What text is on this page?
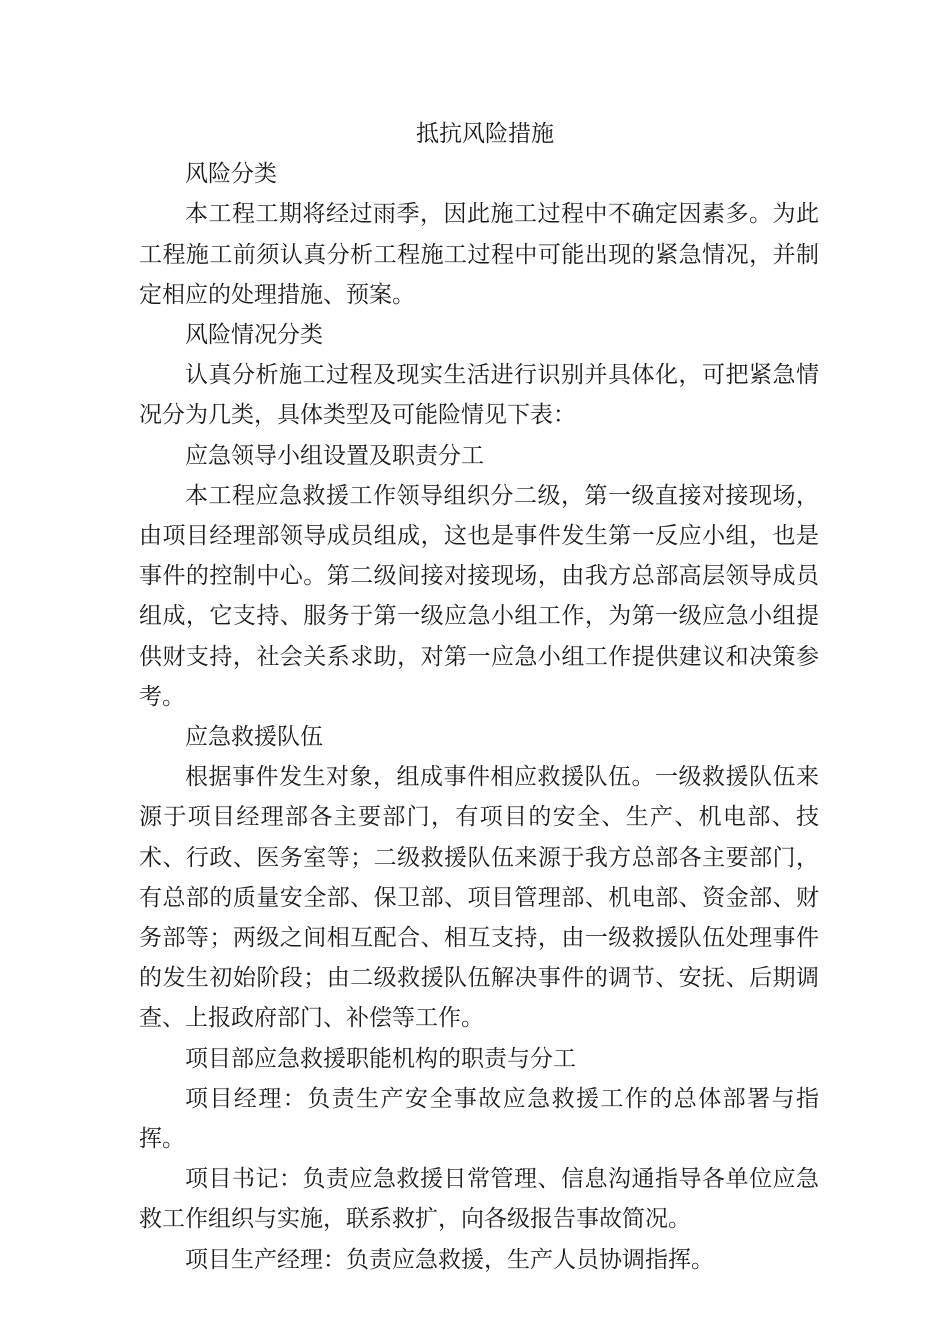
抵抗风险措施

风险分类

本工程工期将经过雨季，因此施工过程中不确定因素多。为此工程施工前须认真分析工程施工过程中可能出现的紧急情况，并制定相应的处理措施、预案。

风险情况分类

认真分析施工过程及现实生活进行识别并具体化，可把紧急情况分为几类，具体类型及可能险情见下表：

应急领导小组设置及职责分工

本工程应急救援工作领导组织分二级，第一级直接对接现场，由项目经理部领导成员组成，这也是事件发生第一反应小组，也是事件的控制中心。第二级间接对接现场，由我方总部高层领导成员组成，它支持、服务于第一级应急小组工作，为第一级应急小组提供财支持，社会关系求助，对第一应急小组工作提供建议和决策参考。

应急救援队伍

根据事件发生对象，组成事件相应救援队伍。一级救援队伍来源于项目经理部各主要部门，有项目的安全、生产、机电部、技术、行政、医务室等；二级救援队伍来源于我方总部各主要部门，有总部的质量安全部、保卫部、项目管理部、机电部、资金部、财务部等；两级之间相互配合、相互支持，由一级救援队伍处理事件的发生初始阶段；由二级救援队伍解决事件的调节、安抚、后期调查、上报政府部门、补偿等工作。

项目部应急救援职能机构的职责与分工

项目经理：负责生产安全事故应急救援工作的总体部署与指挥。

项目书记：负责应急救援日常管理、信息沟通指导各单位应急救工作组织与实施，联系救扩，向各级报告事故简况。

项目生产经理：负责应急救援，生产人员协调指挥。
